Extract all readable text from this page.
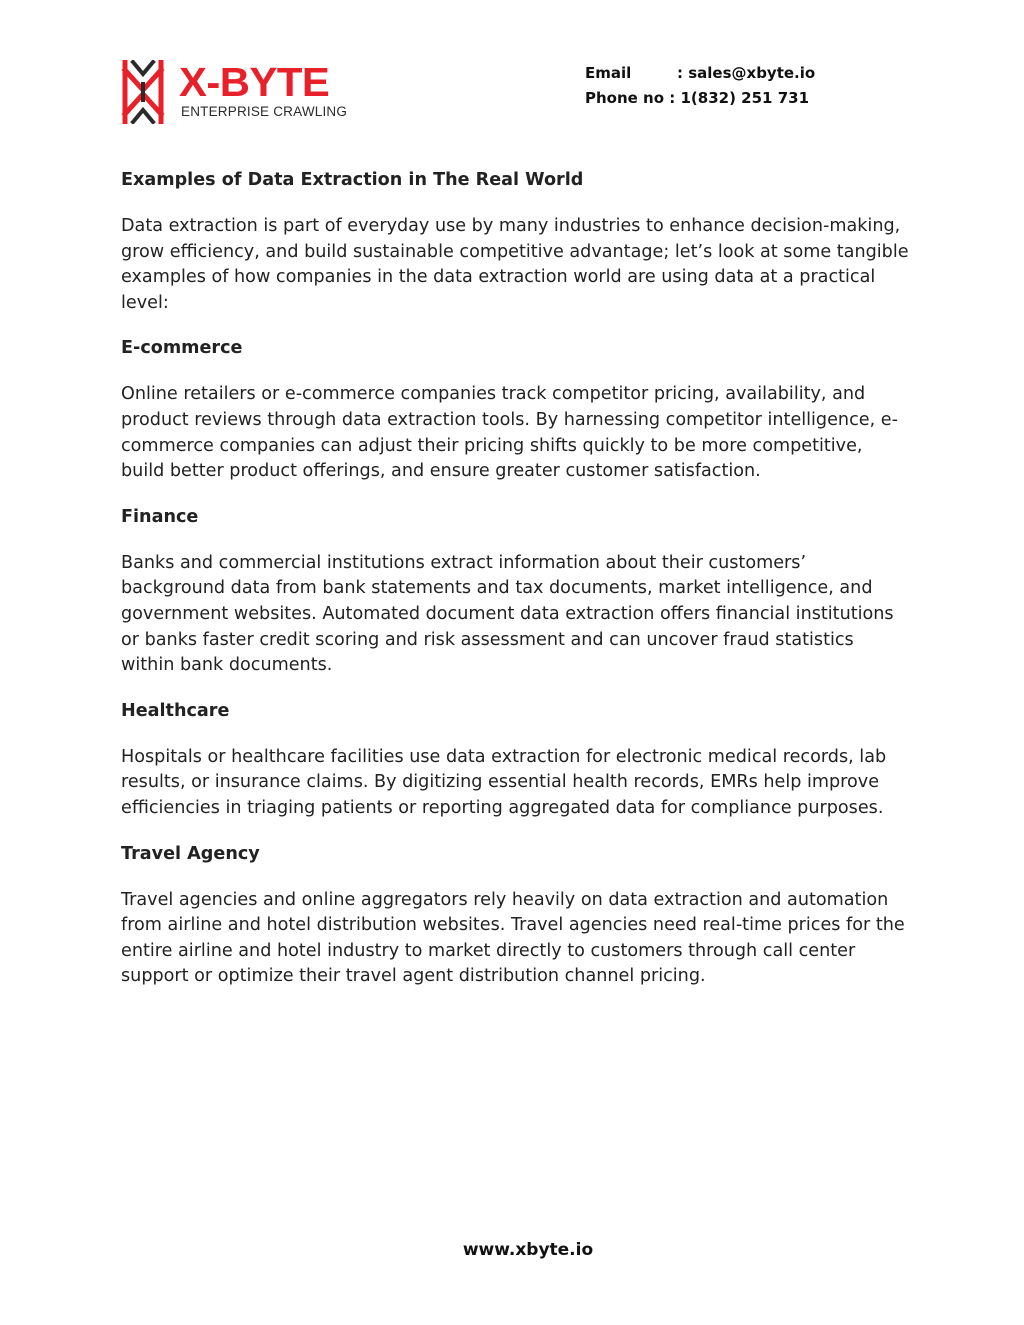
X-BYTE
ENTERPRISE CRAWLING
Email	: sales@xbyte.io
Phone no : 1(832) 251 731
Examples of Data Extraction in The Real World

Data extraction is part of everyday use by many industries to enhance decision-making, grow efficiency, and build sustainable competitive advantage; let’s look at some tangible examples of how companies in the data extraction world are using data at a practical level:

E-commerce

Online retailers or e-commerce companies track competitor pricing, availability, and product reviews through data extraction tools. By harnessing competitor intelligence, e-commerce companies can adjust their pricing shifts quickly to be more competitive, build better product offerings, and ensure greater customer satisfaction.

Finance

Banks and commercial institutions extract information about their customers’ background data from bank statements and tax documents, market intelligence, and government websites. Automated document data extraction offers financial institutions or banks faster credit scoring and risk assessment and can uncover fraud statistics within bank documents.

Healthcare

Hospitals or healthcare facilities use data extraction for electronic medical records, lab results, or insurance claims. By digitizing essential health records, EMRs help improve efficiencies in triaging patients or reporting aggregated data for compliance purposes.

Travel Agency

Travel agencies and online aggregators rely heavily on data extraction and automation from airline and hotel distribution websites. Travel agencies need real-time prices for the entire airline and hotel industry to market directly to customers through call center support or optimize their travel agent distribution channel pricing.

www.xbyte.io
